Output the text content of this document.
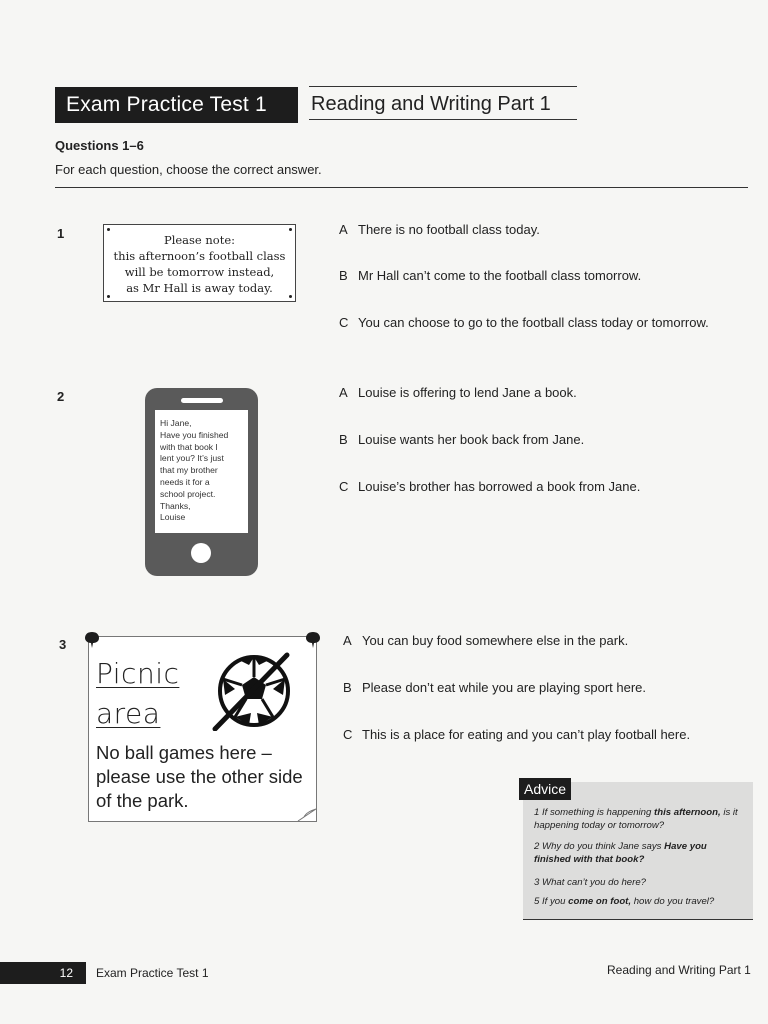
Exam Practice Test 1	Reading and Writing Part 1
Questions 1–6
For each question, choose the correct answer.
1	Please note:
this afternoon’s football class
will be tomorrow instead,
as Mr Hall is away today.
A There is no football class today.
B Mr Hall can’t come to the football class tomorrow.
C You can choose to go to the football class today or tomorrow.
2
Hi Jane,
Have you finished
with that book I
lent you? It’s just
that my brother
needs it for a
school project.
Thanks,
Louise
A Louise is offering to lend Jane a book.
B Louise wants her book back from Jane.
C Louise’s brother has borrowed a book from Jane.
3
Picnic
area
No ball games here –
please use the other side
of the park.
A You can buy food somewhere else in the park.
B Please don’t eat while you are playing sport here.
C This is a place for eating and you can’t play football here.
Advice
1 If something is happening this afternoon, is it happening today or tomorrow?
2 Why do you think Jane says Have you finished with that book?
3 What can’t you do here?
5 If you come on foot, how do you travel?
12	Exam Practice Test 1	Reading and Writing Part 1
